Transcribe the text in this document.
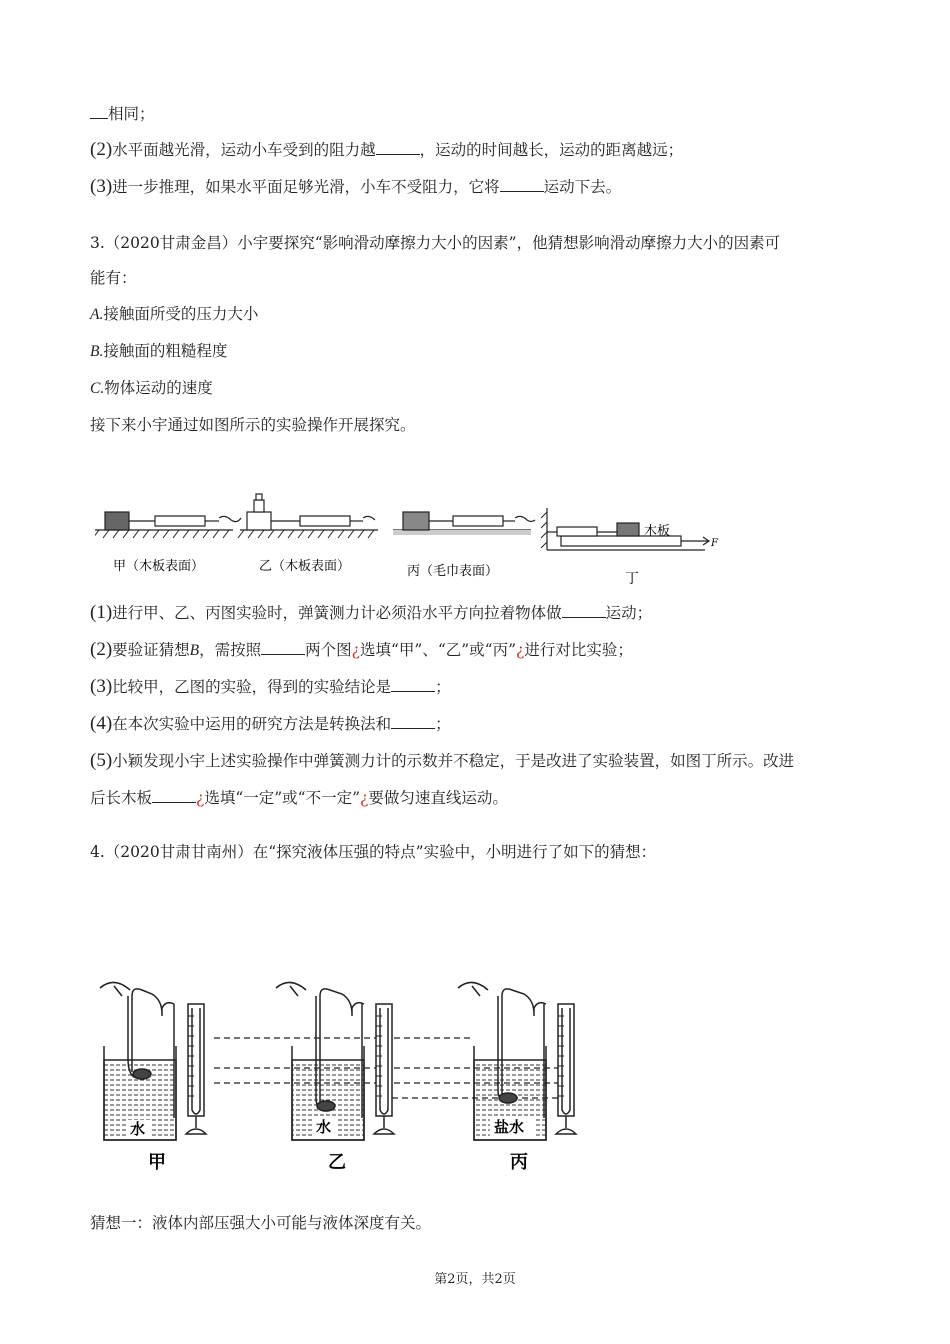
相同；
(2)水平面越光滑，运动小车受到的阻力越	，运动的时间越长，运动的距离越远；
(3)进一步推理，如果水平面足够光滑，小车不受阻力，它将	运动下去。
3.（2020甘肃金昌）小宇要探究“影响滑动摩擦力大小的因素”，他猜想影响滑动摩擦力大小的因素可
能有：
A.接触面所受的压力大小
B.接触面的粗糙程度
C.物体运动的速度
接下来小宇通过如图所示的实验操作开展探究。
甲（木板表面）	乙（木板表面）	丙（毛巾表面）	丁
木板
F
(1)进行甲、乙、丙图实验时，弹簧测力计必须沿水平方向拉着物体做	运动；
(2)要验证猜想B，需按照	两个图¿选填“甲”、“乙”或“丙”¿进行对比实验；
(3)比较甲，乙图的实验，得到的实验结论是	；
(4)在本次实验中运用的研究方法是转换法和	；
(5)小颖发现小宇上述实验操作中弹簧测力计的示数并不稳定，于是改进了实验装置，如图丁所示。改进
后长木板	¿选填“一定”或“不一定”¿要做匀速直线运动。
4.（2020甘肃甘南州）在“探究液体压强的特点”实验中，小明进行了如下的猜想：
水	水	盐水
甲	乙	丙
猜想一：液体内部压强大小可能与液体深度有关。
第2页，共2页
